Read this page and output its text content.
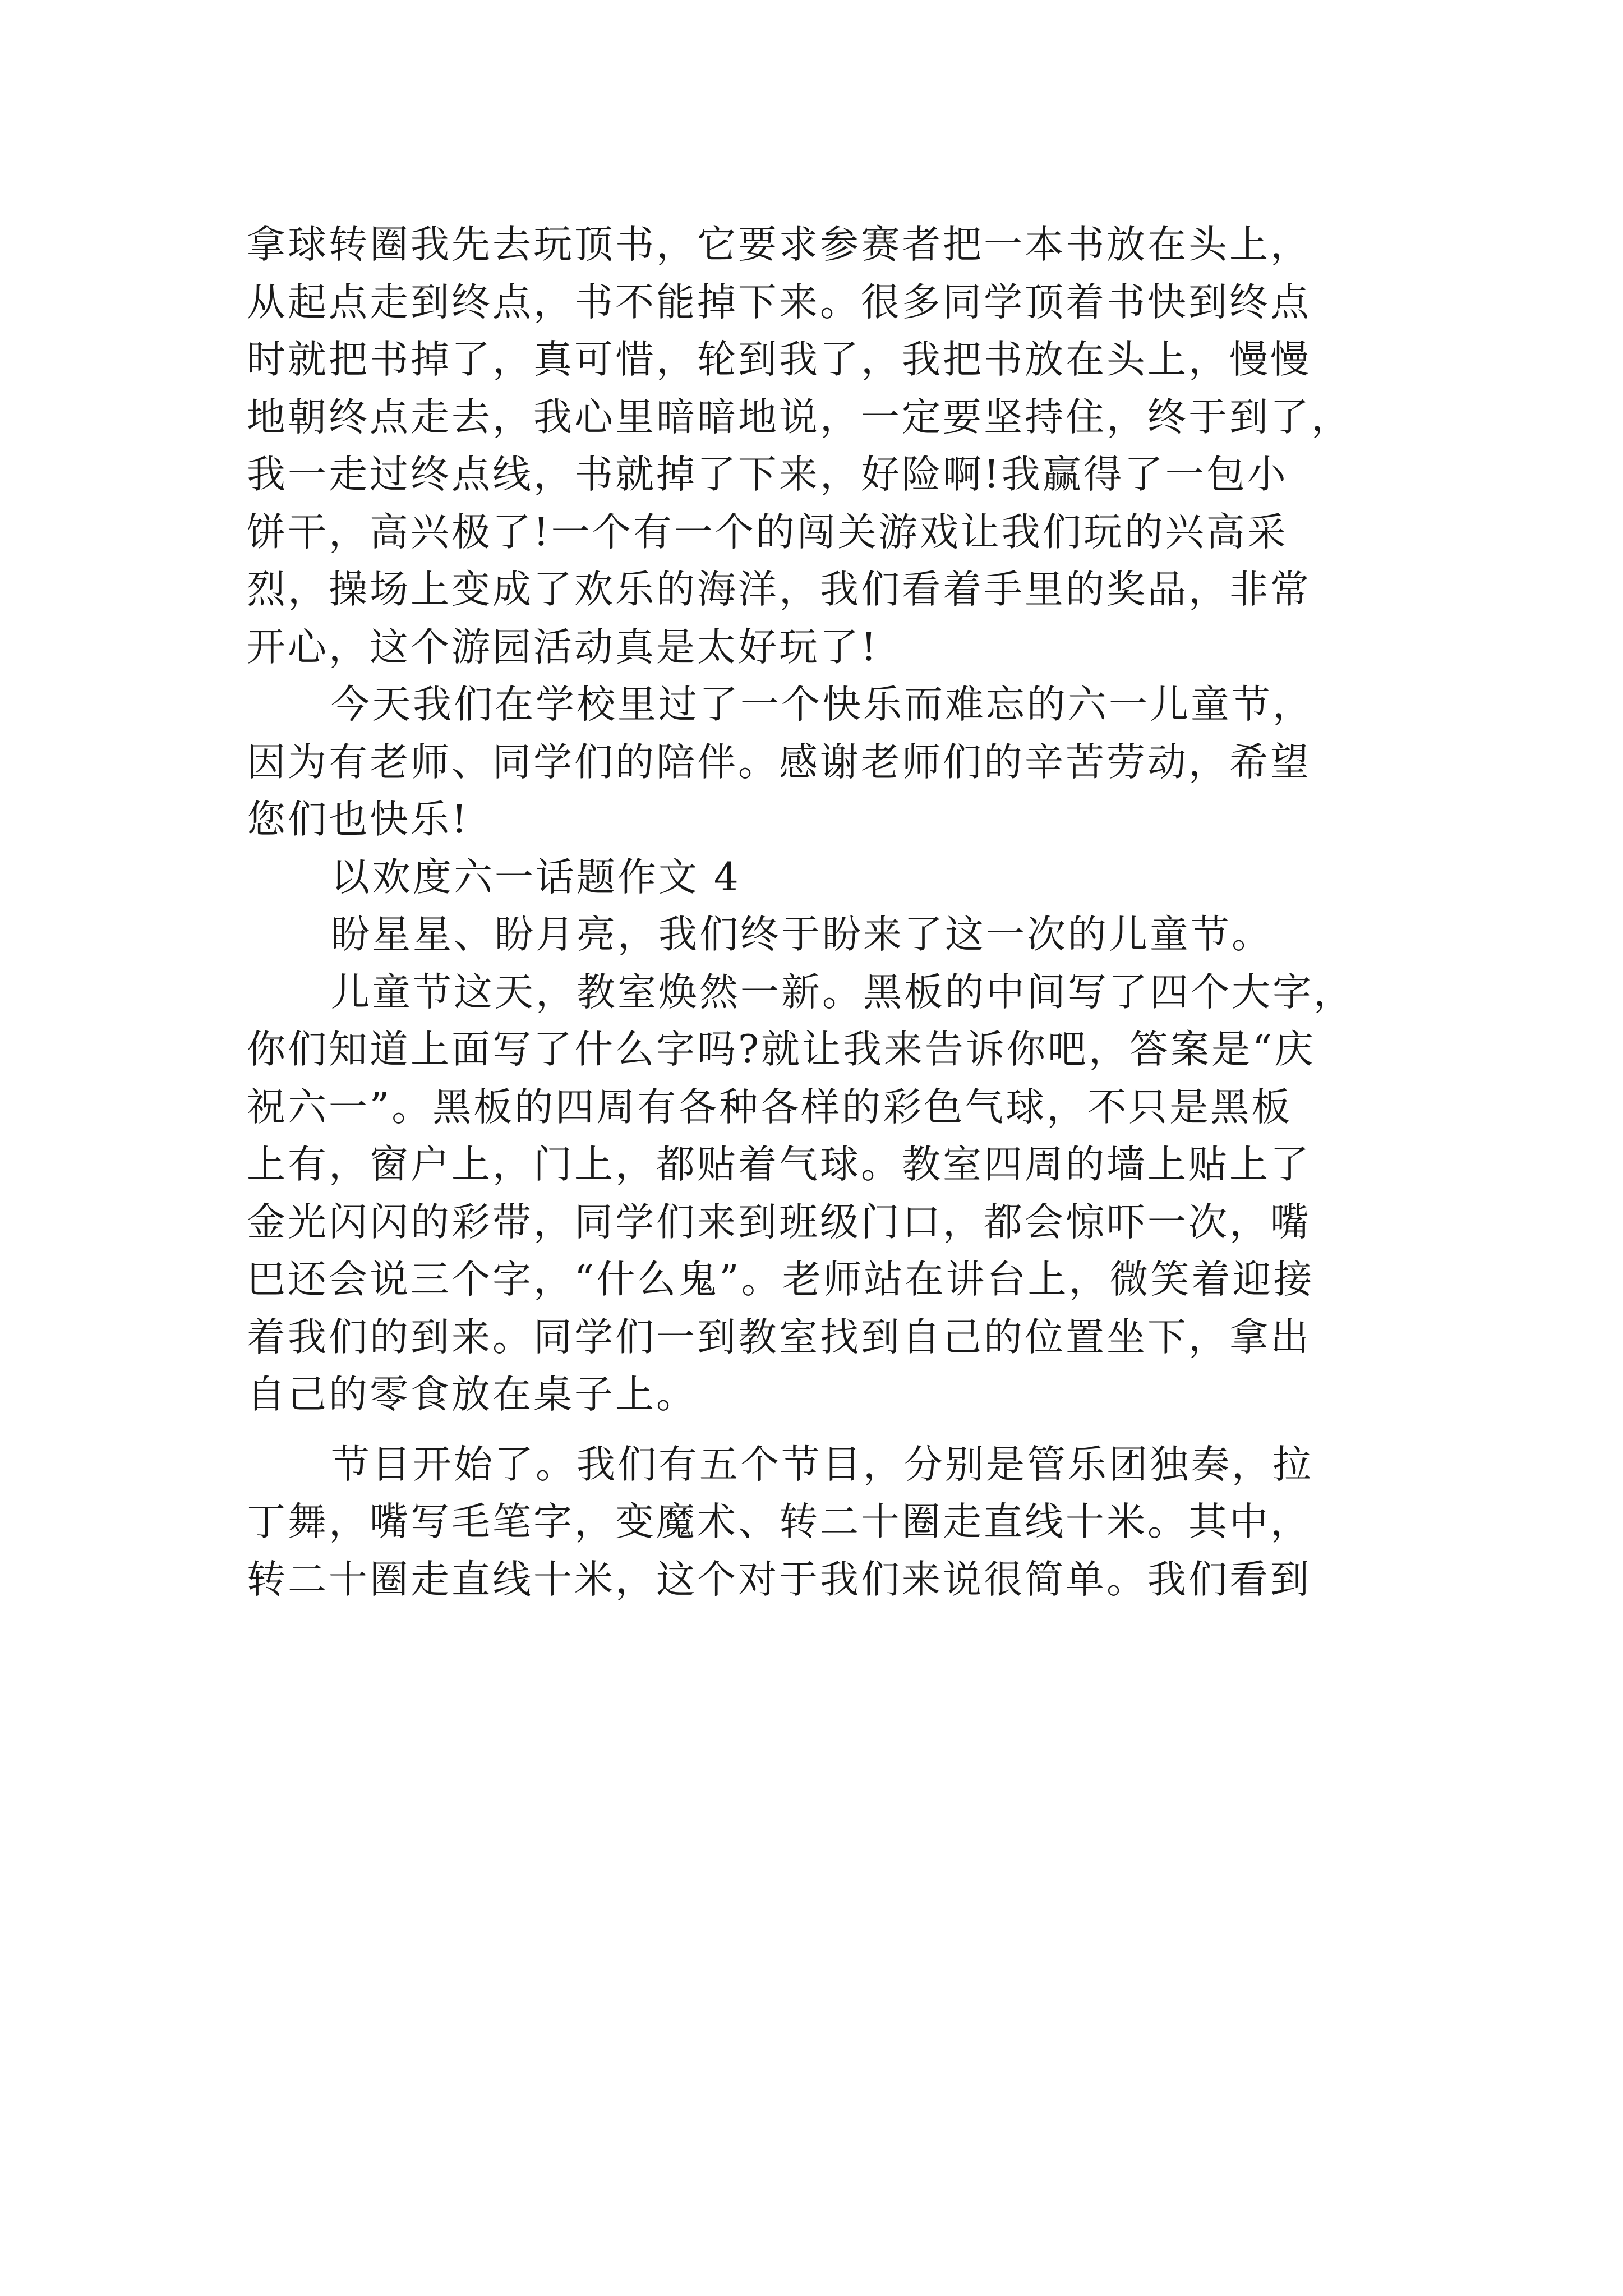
拿球转圈我先去玩顶书，它要求参赛者把一本书放在头上，
从起点走到终点，书不能掉下来。很多同学顶着书快到终点
时就把书掉了，真可惜，轮到我了，我把书放在头上，慢慢
地朝终点走去，我心里暗暗地说，一定要坚持住，终于到了，
我一走过终点线，书就掉了下来，好险啊!我赢得了一包小
饼干，高兴极了!一个有一个的闯关游戏让我们玩的兴高采
烈，操场上变成了欢乐的海洋，我们看着手里的奖品，非常
开心，这个游园活动真是太好玩了!
今天我们在学校里过了一个快乐而难忘的六一儿童节，
因为有老师、同学们的陪伴。感谢老师们的辛苦劳动，希望
您们也快乐!
以欢度六一话题作文 4
盼星星、盼月亮，我们终于盼来了这一次的儿童节。
儿童节这天，教室焕然一新。黑板的中间写了四个大字，
你们知道上面写了什么字吗?就让我来告诉你吧，答案是“庆
祝六一”。黑板的四周有各种各样的彩色气球，不只是黑板
上有，窗户上，门上，都贴着气球。教室四周的墙上贴上了
金光闪闪的彩带，同学们来到班级门口，都会惊吓一次，嘴
巴还会说三个字，“什么鬼”。老师站在讲台上，微笑着迎接
着我们的到来。同学们一到教室找到自己的位置坐下，拿出
自己的零食放在桌子上。
节目开始了。我们有五个节目，分别是管乐团独奏，拉
丁舞，嘴写毛笔字，变魔术、转二十圈走直线十米。其中，
转二十圈走直线十米，这个对于我们来说很简单。我们看到
